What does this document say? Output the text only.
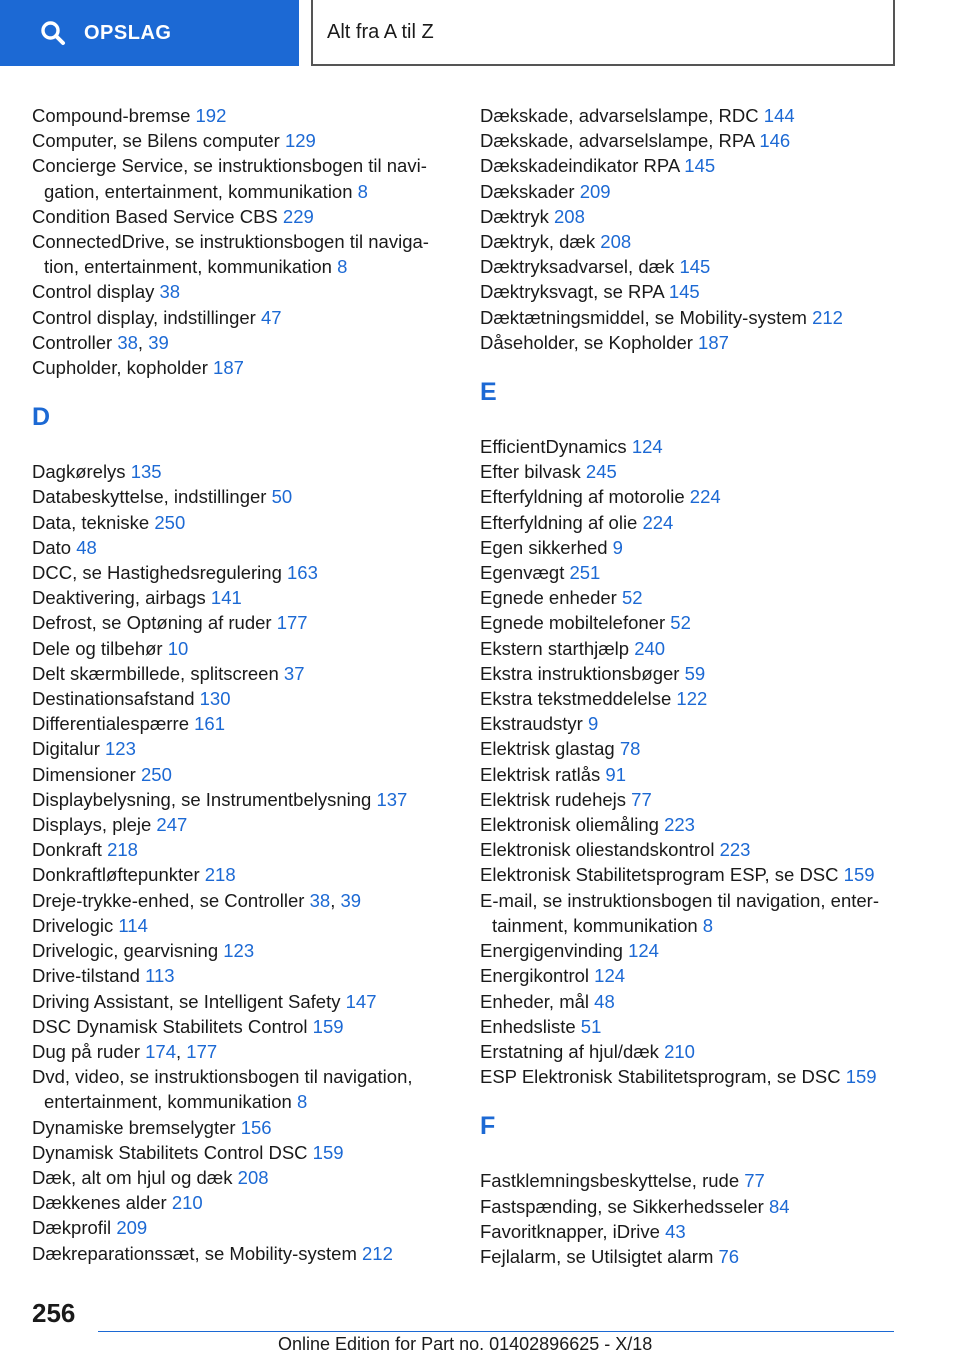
OPSLAG	Alt fra A til Z
Compound-bremse 192
Computer, se Bilens computer 129
Concierge Service, se instruktionsbogen til navi‐gation, entertainment, kommunikation 8
Condition Based Service CBS 229
ConnectedDrive, se instruktionsbogen til naviga‐tion, entertainment, kommunikation 8
Control display 38
Control display, indstillinger 47
Controller 38, 39
Cupholder, kopholder 187
D
Dagkørelys 135
Databeskyttelse, indstillinger 50
Data, tekniske 250
Dato 48
DCC, se Hastighedsregulering 163
Deaktivering, airbags 141
Defrost, se Optøning af ruder 177
Dele og tilbehør 10
Delt skærmbillede, splitscreen 37
Destinationsafstand 130
Differentialespærre 161
Digitalur 123
Dimensioner 250
Displaybelysning, se Instrumentbelysning 137
Displays, pleje 247
Donkraft 218
Donkraftløftepunkter 218
Dreje-trykke-enhed, se Controller 38, 39
Drivelogic 114
Drivelogic, gearvisning 123
Drive-tilstand 113
Driving Assistant, se Intelligent Safety 147
DSC Dynamisk Stabilitets Control 159
Dug på ruder 174, 177
Dvd, video, se instruktionsbogen til navigation, entertainment, kommunikation 8
Dynamiske bremselygter 156
Dynamisk Stabilitets Control DSC 159
Dæk, alt om hjul og dæk 208
Dækkenes alder 210
Dækprofil 209
Dækreparationssæt, se Mobility-system 212
Dækskade, advarselslampe, RDC 144
Dækskade, advarselslampe, RPA 146
Dækskadeindikator RPA 145
Dækskader 209
Dæktryk 208
Dæktryk, dæk 208
Dæktryksadvarsel, dæk 145
Dæktryksvagt, se RPA 145
Dæktætningsmiddel, se Mobility-system 212
Dåseholder, se Kopholder 187
E
EfficientDynamics 124
Efter bilvask 245
Efterfyldning af motorolie 224
Efterfyldning af olie 224
Egen sikkerhed 9
Egenvægt 251
Egnede enheder 52
Egnede mobiltelefoner 52
Ekstern starthjælp 240
Ekstra instruktionsbøger 59
Ekstra tekstmeddelelse 122
Ekstraudstyr 9
Elektrisk glastag 78
Elektrisk ratlås 91
Elektrisk rudehejs 77
Elektronisk oliemåling 223
Elektronisk oliestandskontrol 223
Elektronisk Stabilitetsprogram ESP, se DSC 159
E-mail, se instruktionsbogen til navigation, enter‐tainment, kommunikation 8
Energigenvinding 124
Energikontrol 124
Enheder, mål 48
Enhedsliste 51
Erstatning af hjul/dæk 210
ESP Elektronisk Stabilitetsprogram, se DSC 159
F
Fastklemningsbeskyttelse, rude 77
Fastspænding, se Sikkerhedsseler 84
Favoritknapper, iDrive 43
Fejlalarm, se Utilsigtet alarm 76
256
Online Edition for Part no. 01402896625 - X/18
